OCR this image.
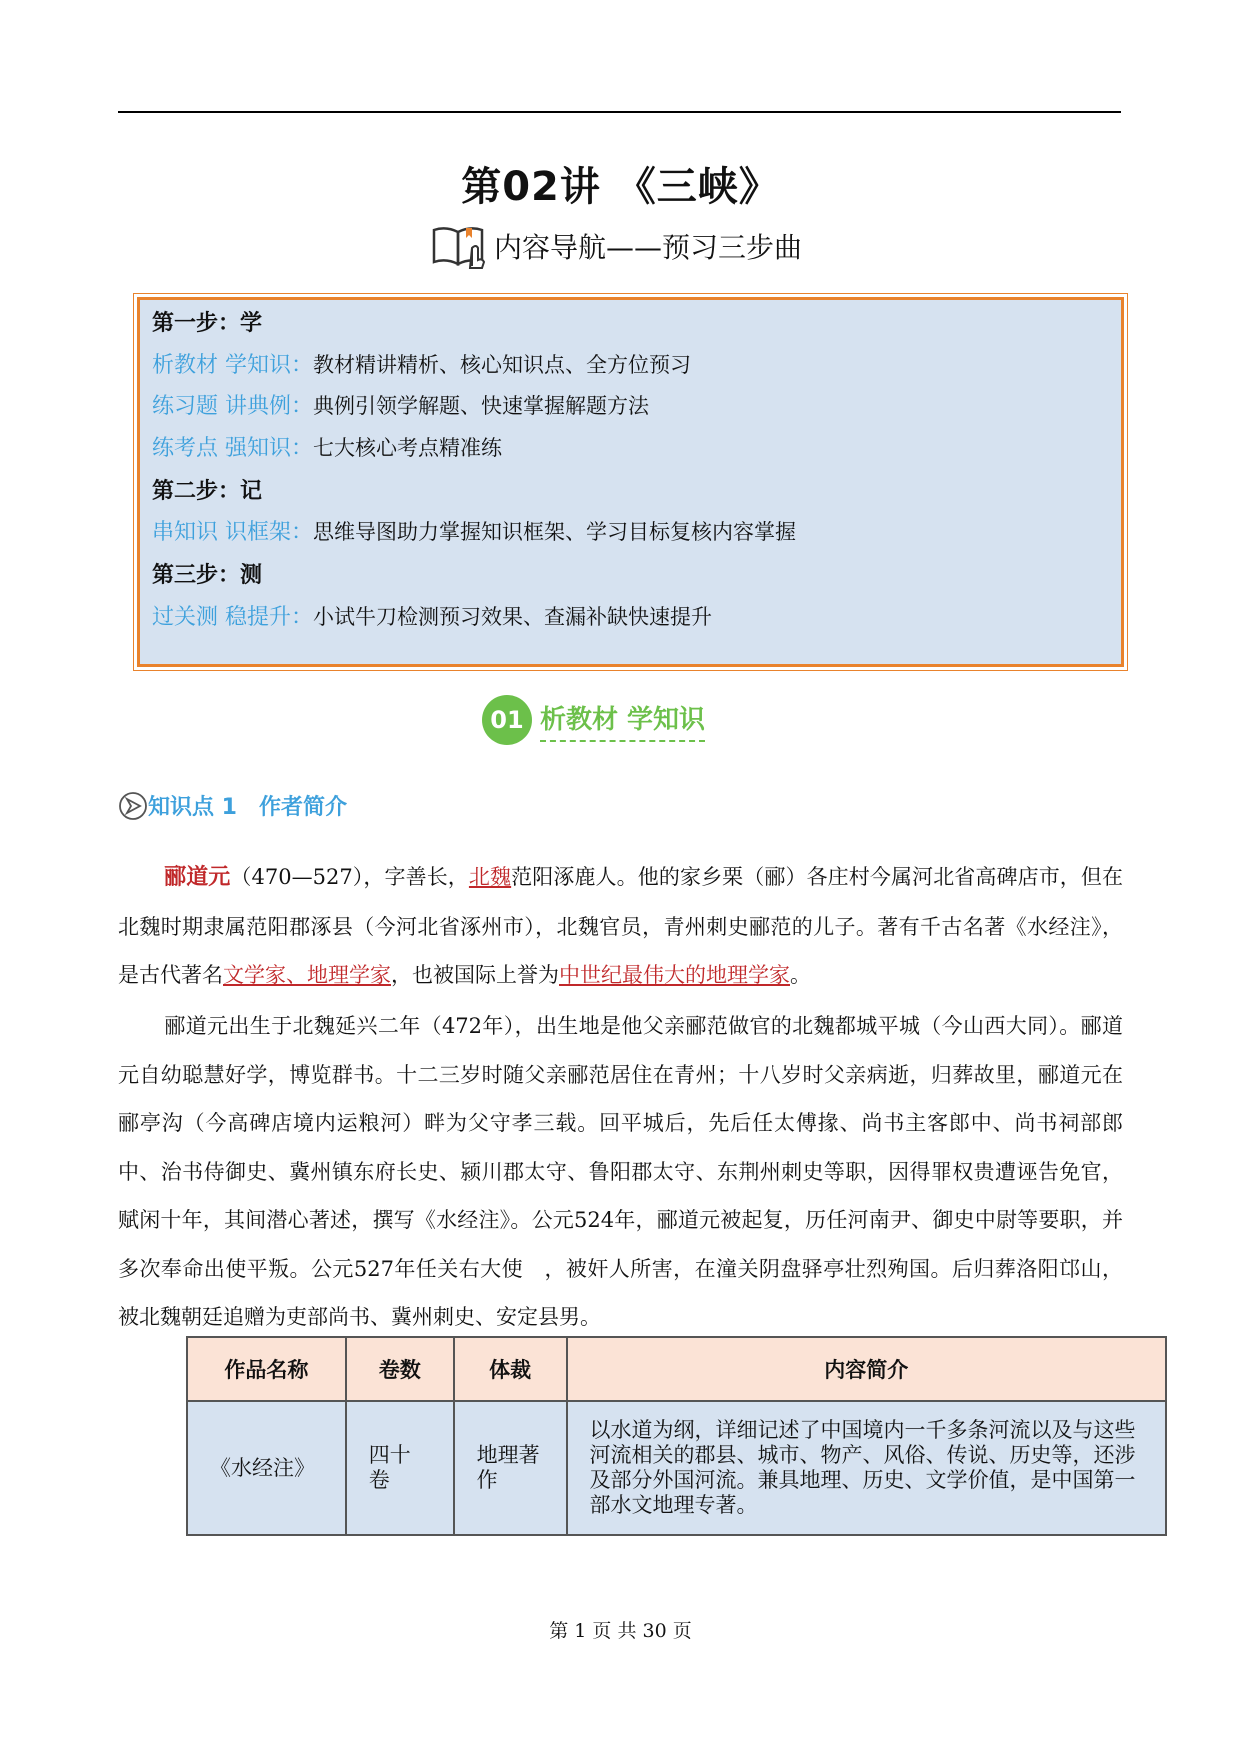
第02讲 《三峡》
内容导航——预习三步曲
第一步：学
析教材 学知识：教材精讲精析、核心知识点、全方位预习
练习题 讲典例：典例引领学解题、快速掌握解题方法
练考点 强知识：七大核心考点精准练
第二步：记
串知识 识框架：思维导图助力掌握知识框架、学习目标复核内容掌握
第三步：测
过关测 稳提升：小试牛刀检测预习效果、查漏补缺快速提升
01 析教材 学知识
知识点 1 作者简介
郦道元（470—527），字善长，北魏范阳涿鹿人。他的家乡栗（郦）各庄村今属河北省高碑店市，但在北魏时期隶属范阳郡涿县（今河北省涿州市），北魏官员，青州刺史郦范的儿子。著有千古名著《水经注》，是古代著名文学家、地理学家，也被国际上誉为中世纪最伟大的地理学家。
郦道元出生于北魏延兴二年（472年），出生地是他父亲郦范做官的北魏都城平城（今山西大同）。郦道元自幼聪慧好学，博览群书。十二三岁时随父亲郦范居住在青州；十八岁时父亲病逝，归葬故里，郦道元在郦亭沟（今高碑店境内运粮河）畔为父守孝三载。回平城后，先后任太傅掾、尚书主客郎中、尚书祠部郎中、治书侍御史、冀州镇东府长史、颍川郡太守、鲁阳郡太守、东荆州刺史等职，因得罪权贵遭诬告免官，赋闲十年，其间潜心著述，撰写《水经注》。公元524年，郦道元被起复，历任河南尹、御史中尉等要职，并多次奉命出使平叛。公元527年任关右大使　，被奸人所害，在潼关阴盘驿亭壮烈殉国。后归葬洛阳邙山，被北魏朝廷追赠为吏部尚书、冀州刺史、安定县男。
作品名称	卷数	体裁	内容简介
《水经注》	四十卷	地理著作	以水道为纲，详细记述了中国境内一千多条河流以及与这些河流相关的郡县、城市、物产、风俗、传说、历史等，还涉及部分外国河流。兼具地理、历史、文学价值，是中国第一部水文地理专著。
第 1 页 共 30 页
